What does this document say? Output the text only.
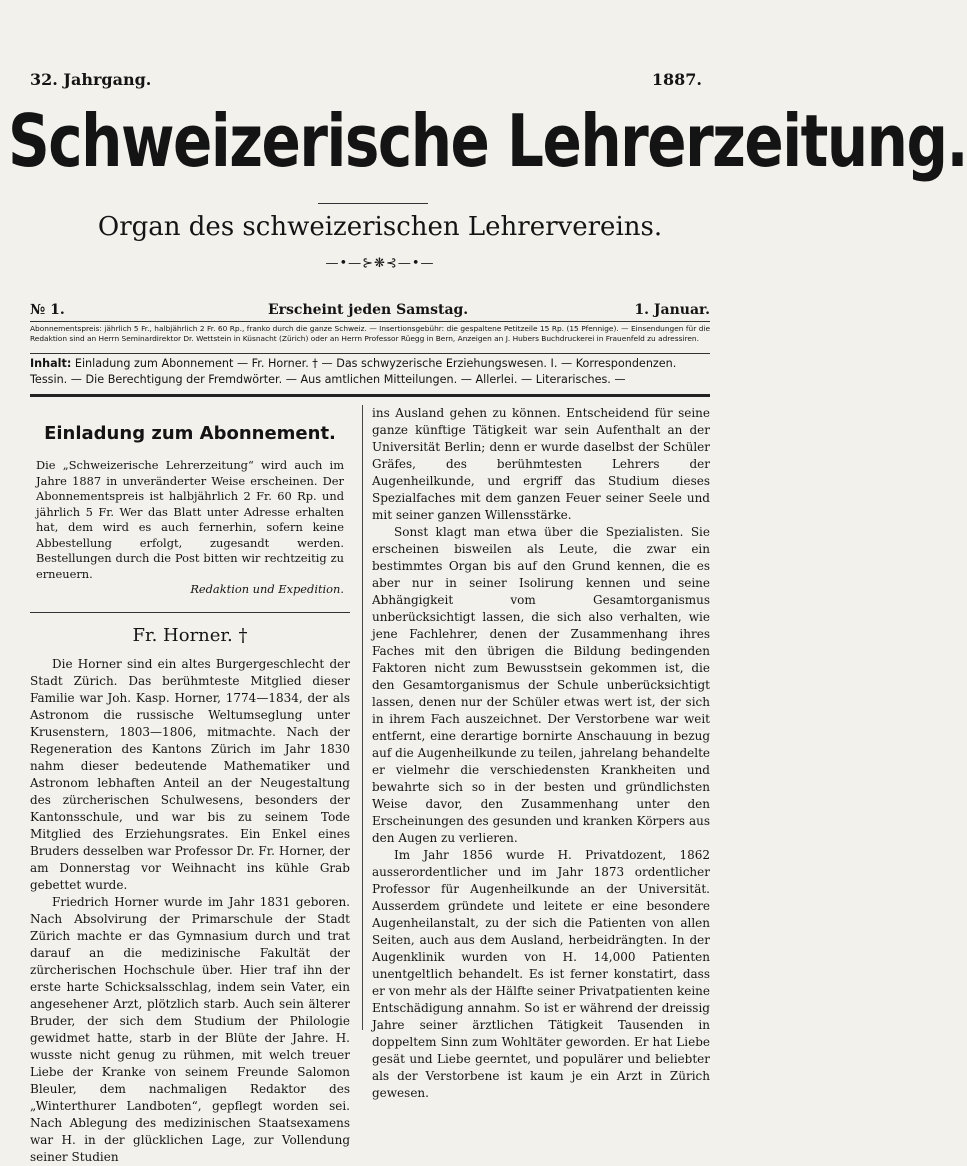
32. Jahrgang.	1887.
Schweizerische Lehrerzeitung.
Organ des schweizerischen Lehrervereins.
—•—⊱❋⊰—•—
№ 1.	Erscheint jeden Samstag.	1. Januar.
Abonnementspreis: jährlich 5 Fr., halbjährlich 2 Fr. 60 Rp., franko durch die ganze Schweiz. — Insertionsgebühr: die gespaltene Petitzeile 15 Rp. (15 Pfennige). — Einsendungen für die Redaktion sind an Herrn Seminardirektor Dr. Wettstein in Küsnacht (Zürich) oder an Herrn Professor Rüegg in Bern, Anzeigen an J. Hubers Buchdruckerei in Frauenfeld zu adressiren.
Inhalt: Einladung zum Abonnement — Fr. Horner. † — Das schwyzerische Erziehungswesen. I. — Korrespondenzen. Tessin. — Die Berechtigung der Fremdwörter. — Aus amtlichen Mitteilungen. — Allerlei. — Literarisches. —
Einladung zum Abonnement.
Die „Schweizerische Lehrerzeitung“ wird auch im Jahre 1887 in unveränderter Weise erscheinen. Der Abonnementspreis ist halbjährlich 2 Fr. 60 Rp. und jährlich 5 Fr. Wer das Blatt unter Adresse erhalten hat, dem wird es auch fernerhin, sofern keine Abbestellung erfolgt, zugesandt werden. Bestellungen durch die Post bitten wir rechtzeitig zu erneuern.
Redaktion und Expedition.
Fr. Horner. †

Die Horner sind ein altes Burgergeschlecht der Stadt Zürich. Das berühmteste Mitglied dieser Familie war Joh. Kasp. Horner, 1774—1834, der als Astronom die russische Weltumseglung unter Krusenstern, 1803—1806, mitmachte. Nach der Regeneration des Kantons Zürich im Jahr 1830 nahm dieser bedeutende Mathematiker und Astronom lebhaften Anteil an der Neugestaltung des zürcherischen Schulwesens, besonders der Kantonsschule, und war bis zu seinem Tode Mitglied des Erziehungsrates. Ein Enkel eines Bruders desselben war Professor Dr. Fr. Horner, der am Donnerstag vor Weihnacht ins kühle Grab gebettet wurde.

Friedrich Horner wurde im Jahr 1831 geboren. Nach Absolvirung der Primarschule der Stadt Zürich machte er das Gymnasium durch und trat darauf an die medizinische Fakultät der zürcherischen Hochschule über. Hier traf ihn der erste harte Schicksalsschlag, indem sein Vater, ein angesehener Arzt, plötzlich starb. Auch sein älterer Bruder, der sich dem Studium der Philologie gewidmet hatte, starb in der Blüte der Jahre. H. wusste nicht genug zu rühmen, mit welch treuer Liebe der Kranke von seinem Freunde Salomon Bleuler, dem nachmaligen Redaktor des „Winterthurer Landboten“, gepflegt worden sei. Nach Ablegung des medizinischen Staatsexamens war H. in der glücklichen Lage, zur Vollendung seiner Studien

ins Ausland gehen zu können. Entscheidend für seine ganze künftige Tätigkeit war sein Aufenthalt an der Universität Berlin; denn er wurde daselbst der Schüler Gräfes, des berühmtesten Lehrers der Augenheilkunde, und ergriff das Studium dieses Spezialfaches mit dem ganzen Feuer seiner Seele und mit seiner ganzen Willensstärke.

Sonst klagt man etwa über die Spezialisten. Sie erscheinen bisweilen als Leute, die zwar ein bestimmtes Organ bis auf den Grund kennen, die es aber nur in seiner Isolirung kennen und seine Abhängigkeit vom Gesamtorganismus unberücksichtigt lassen, die sich also verhalten, wie jene Fachlehrer, denen der Zusammenhang ihres Faches mit den übrigen die Bildung bedingenden Faktoren nicht zum Bewusstsein gekommen ist, die den Gesamtorganismus der Schule unberücksichtigt lassen, denen nur der Schüler etwas wert ist, der sich in ihrem Fach auszeichnet. Der Verstorbene war weit entfernt, eine derartige bornirte Anschauung in bezug auf die Augenheilkunde zu teilen, jahrelang behandelte er vielmehr die verschiedensten Krankheiten und bewahrte sich so in der besten und gründlichsten Weise davor, den Zusammenhang unter den Erscheinungen des gesunden und kranken Körpers aus den Augen zu verlieren.

Im Jahr 1856 wurde H. Privatdozent, 1862 ausserordentlicher und im Jahr 1873 ordentlicher Professor für Augenheilkunde an der Universität. Ausserdem gründete und leitete er eine besondere Augenheilanstalt, zu der sich die Patienten von allen Seiten, auch aus dem Ausland, herbeidrängten. In der Augenklinik wurden von H. 14,000 Patienten unentgeltlich behandelt. Es ist ferner konstatirt, dass er von mehr als der Hälfte seiner Privatpatienten keine Entschädigung annahm. So ist er während der dreissig Jahre seiner ärztlichen Tätigkeit Tausenden in doppeltem Sinn zum Wohltäter geworden. Er hat Liebe gesät und Liebe geerntet, und populärer und beliebter als der Verstorbene ist kaum je ein Arzt in Zürich gewesen.
